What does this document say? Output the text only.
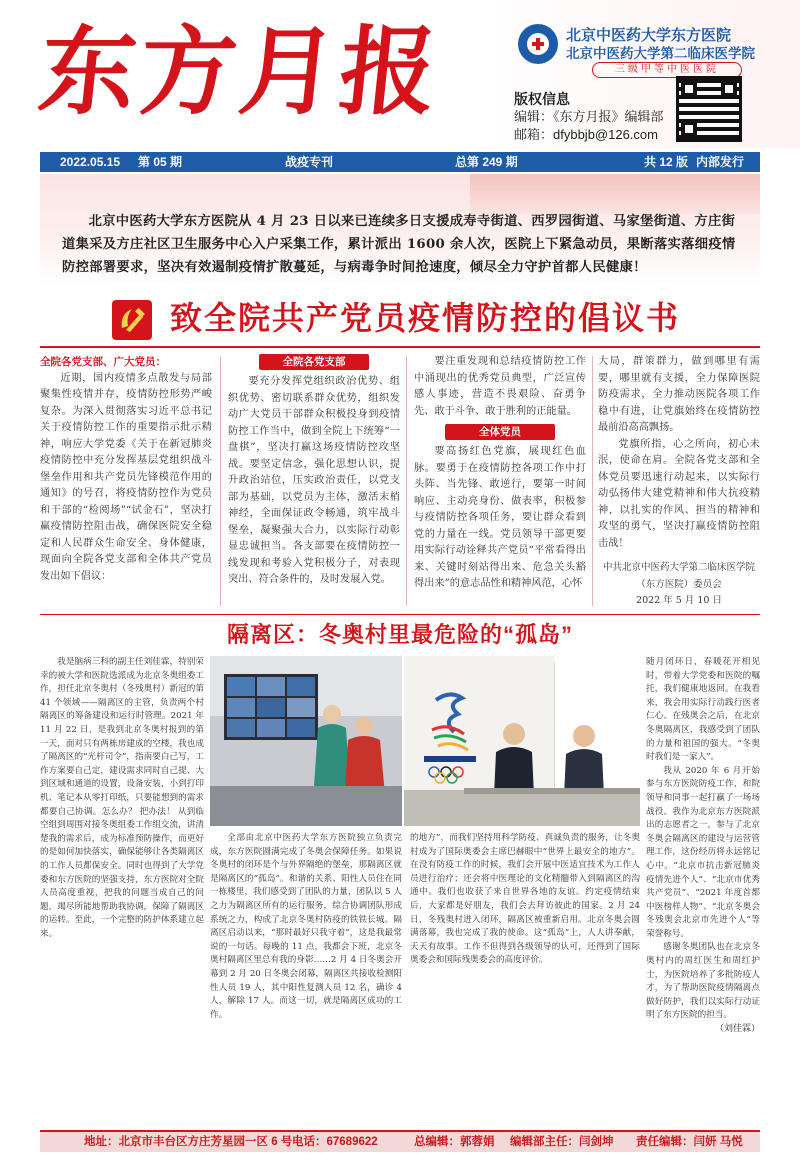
东方月报	北京中医药大学东方医院
北京中医药大学第二临床医学院
三级甲等中医医院
版权信息
编辑：《东方月报》编辑部
邮箱：dfybbjb@126.com
2022.05.15 第 05 期	战疫专刊	总第 249 期	共 12 版 内部发行
北京中医药大学东方医院从 4 月 23 日以来已连续多日支援成寿寺街道、西罗园街道、马家堡街道、方庄街道集采及方庄社区卫生服务中心入户采集工作，累计派出 1600 余人次，医院上下紧急动员，果断落实落细疫情防控部署要求，坚决有效遏制疫情扩散蔓延，与病毒争时间抢速度，倾尽全力守护首都人民健康！
致全院共产党员疫情防控的倡议书

全院各党支部、广大党员：

近期，国内疫情多点散发与局部聚集性疫情并存，疫情防控形势严峻复杂。为深入贯彻落实习近平总书记关于疫情防控工作的重要指示批示精神，响应大学党委《关于在新冠肺炎疫情防控中充分发挥基层党组织战斗堡垒作用和共产党员先锋模范作用的通知》的号召，将疫情防控作为党员和干部的“检阅场”“试金石”，坚决打赢疫情防控阻击战，确保医院安全稳定和人民群众生命安全、身体健康，现面向全院各党支部和全体共产党员发出如下倡议：

全院各党支部

要充分发挥党组织政治优势、组织优势、密切联系群众优势，组织发动广大党员干部群众积极投身到疫情防控工作当中，做到全院上下统筹“一盘棋”，坚决打赢这场疫情防控攻坚战。要坚定信念，强化思想认识，提升政治站位，压实政治责任，以党支部为基础，以党员为主体，激活末梢神经，全面保证政令畅通，筑牢战斗堡垒，凝聚强大合力，以实际行动彰显忠诚担当。各支部要在疫情防控一线发现和考验入党积极分子，对表现突出、符合条件的，及时发展入党。

要注重发现和总结疫情防控工作中涌现出的优秀党员典型，广泛宣传感人事迹，营造不畏艰险、奋勇争先、敢于斗争、敢于胜利的正能量。

全体党员

要高扬红色党旗，展现红色血脉。要勇于在疫情防控各项工作中打头阵、当先锋、敢逆行，要第一时间响应、主动亮身份、做表率，积极参与疫情防控各项任务，要让群众看到党的力量在一线。党员领导干部更要用实际行动诠释共产党员“平常看得出来、关键时刻站得出来、危急关头豁得出来”的意志品性和精神风范，心怀

大局，群策群力，做到哪里有需要，哪里就有支援，全力保障医院防疫需求，全力推动医院各项工作稳中有进，让党旗始终在疫情防控最前沿高高飘扬。

党旗所指，心之所向，初心未泯，使命在肩。全院各党支部和全体党员要迅速行动起来，以实际行动弘扬伟大建党精神和伟大抗疫精神，以扎实的作风、担当的精神和攻坚的勇气，坚决打赢疫情防控阻击战！

中共北京中医药大学第二临床医学院

（东方医院）委员会

2022 年 5 月 10 日

隔离区：冬奥村里最危险的“孤岛”

我是脑病三科的副主任刘佳霖，特别荣幸的被大学和医院选派成为北京冬奥组委工作，担任北京冬奥村（冬残奥村）新冠的第 41 个领域——隔离区的主管，负责两个村隔离区的筹备建设和运行时管理。2021 年 11 月 22 日，是我到北京冬奥村报到的第一天，面对只有两栋房建成的空楼，我也成了隔离区的“光杆司令”，指南要白己写，工作方案要自己定，建设需求同时自己提、大到区域和通道的设置，设备安装，小到打印机、笔记本从零打印纸，只要能想到的需求都要自己协调。怎么办？ 把办法！ 从到临空组到周围对接冬奥组委工作组交流，讲清楚我的需求后，成为标准预防操作，而更好的是如何加快落实，确保能够让各类隔离区的工作人员都保安全。同时也得到了大学党委和东方医院的坚强支持，东方医院对全院人员高度重视，把我的问题当成自己的问题，竭尽所能地帮助我协调，保障了隔离区的运转。至此，一个完整的防护体系建立起来。

全部由北京中医药大学东方医院独立负责完成，东方医院圆满完成了冬奥会保障任务。如果说冬奥村的闭环是个与外界隔绝的堡垒，那隔离区就是隔离区的“孤岛”。和谐的关系、阳性人员住在同一栋楼里，我们感受到了团队的力量，团队以 5 人之力为隔离区所有的运行服务，综合协调团队形成系统之力，构成了北京冬奥村防疫的铁铁长城。隔离区启动以来，“那时最好只我守着”，这是我最常说的一句话。每晚的 11 点，我都会下班，北京冬奥村隔离区里总有我的身影……2 月 4 日冬奥会开幕到 2 月 20 日冬奥会闭幕，隔离区共接收检测阳性人员 19 人，其中阳性复测人员 12 名，确诊 4 人，解除 17 人。而这一切，就是隔离区成功的工作。

的地方”，而我们坚持用科学防疫、真诚负责的服务，让冬奥村成为了国际奥委会主席巴赫眼中“世界上最安全的地方”。在没有防疫工作的时候，我们会开展中医适宜技术为工作人员进行治疗；还会将中医理论的文化精髓带入到隔离区的沟通中。我们也收获了来自世界各地的友谊。约定疫情结束后，大家都是好朋友，我们会去拜访彼此的国家。2 月 24 日，冬残奥村进入闭环，隔离区被重新启用。北京冬奥会圆满落幕，我也完成了我的使命。这“孤岛”上，人人讲奉献，天天有故事。工作不但得到各级领导的认可，还得到了国际奥委会和国际残奥委会的高度评价。

随月闭环日，春暖花开相见时，带着大学党委和医院的嘱托，我们健康地返回。在我看来，我会用实际行动践行医者仁心。在残奥会之后，在北京冬奥隔离区，我感受到了团队的力量和祖国的强大。“冬奥时我们是一家人”。

我从 2020 年 6 月开始参与东方医院防疫工作，和院领导和同事一起打赢了一场场战役。我作为北京东方医院派出的志愿者之一，参与了北京冬奥会隔离区的建设与运营管理工作，这份经历将永远铭记心中。“北京市抗击新冠肺炎疫情先进个人”、“北京市优秀共产党员”、“2021 年度首都中医榜样人物”、“北京冬奥会冬残奥会北京市先进个人”等荣誉称号。

感谢冬奥团队也在北京冬奥村内的周红医生和周红护士，为医院培养了多批防疫人才，为了帮助医院疫情隔离点做好防护，我们以实际行动证明了东方医院的担当。

（刘佳霖）

地址：北京市丰台区方庄芳星园一区 6 号 电话：67689622	总编辑：郭蓉娟 编辑部主任：闫剑坤 责任编辑：闫妍 马悦
